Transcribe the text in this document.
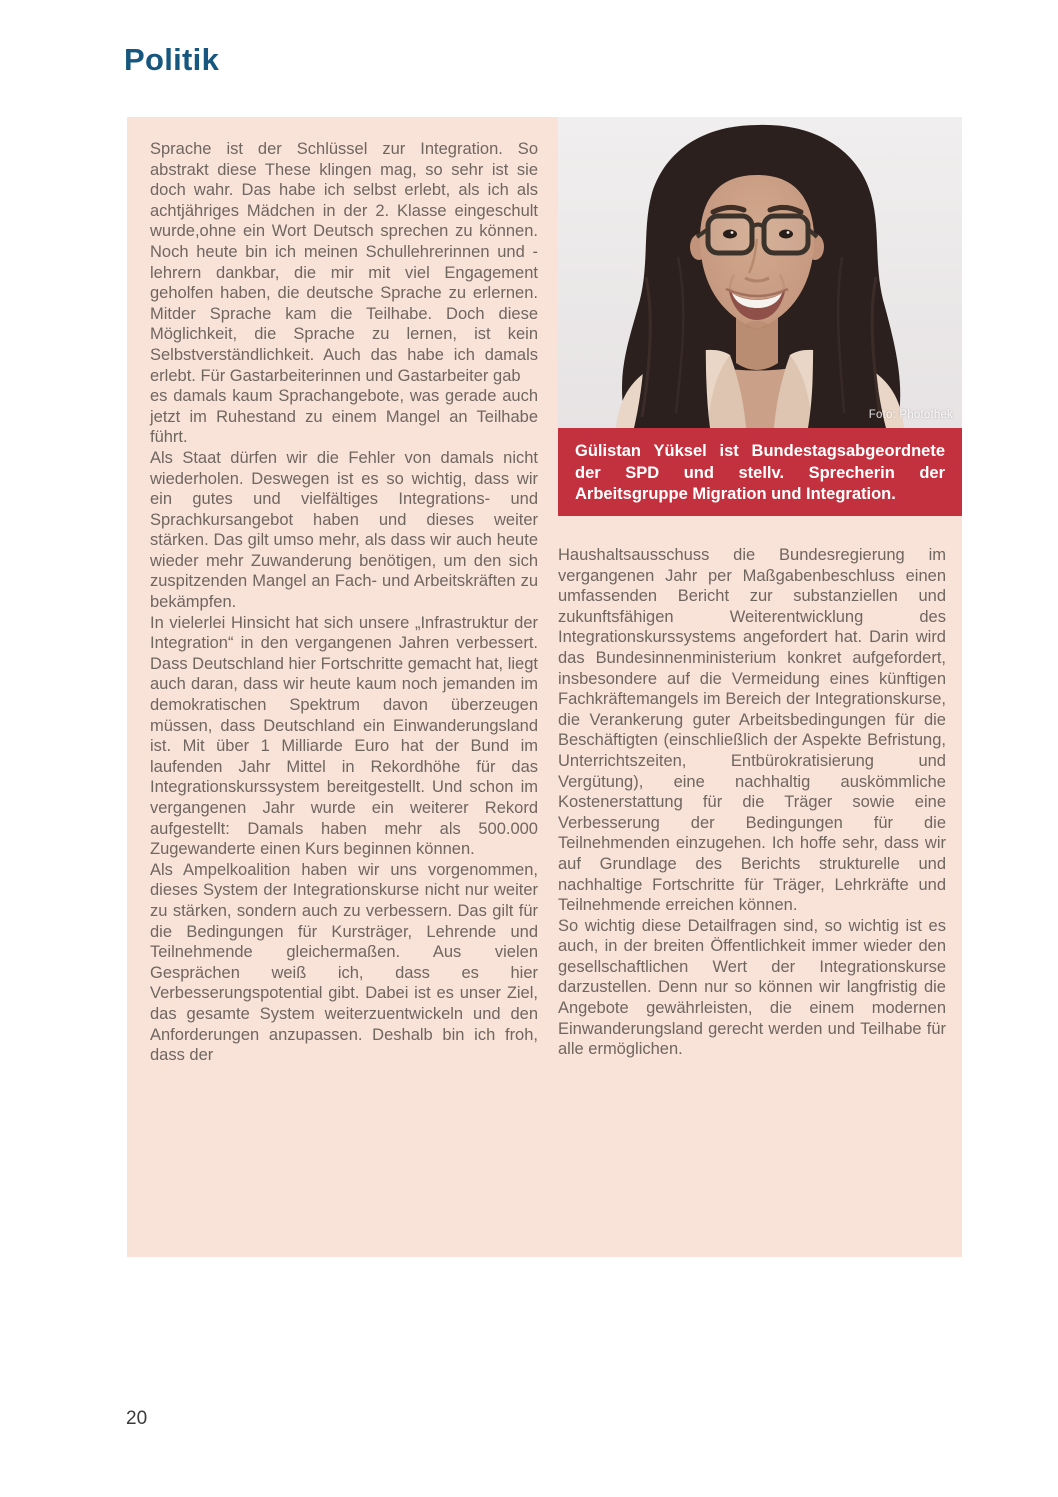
Politik

Sprache ist der Schlüssel zur Integration. So abstrakt diese These klingen mag, so sehr ist sie doch wahr. Das habe ich selbst erlebt, als ich als achtjähriges Mädchen in der 2. Klasse eingeschult wurde,ohne ein Wort Deutsch sprechen zu können. Noch heute bin ich meinen Schullehrerinnen und -lehrern dankbar, die mir mit viel Engagement geholfen haben, die deutsche Sprache zu erlernen. Mitder Sprache kam die Teilhabe. Doch diese Möglichkeit, die Sprache zu lernen, ist kein Selbstverständlichkeit. Auch das habe ich damals erlebt. Für Gastarbeiterinnen und Gastarbeiter gab

es damals kaum Sprachangebote, was gerade auch jetzt im Ruhestand zu einem Mangel an Teilhabe führt.

Als Staat dürfen wir die Fehler von damals nicht wiederholen. Deswegen ist es so wichtig, dass wir ein gutes und vielfältiges Integrations- und Sprachkursangebot haben und dieses weiter stärken. Das gilt umso mehr, als dass wir auch heute wieder mehr Zuwanderung benötigen, um den sich zuspitzenden Mangel an Fach- und Arbeitskräften zu bekämpfen.

In vielerlei Hinsicht hat sich unsere „Infrastruktur der Integration“ in den vergangenen Jahren verbessert. Dass Deutschland hier Fortschritte gemacht hat, liegt auch daran, dass wir heute kaum noch jemanden im demokratischen Spektrum davon überzeugen müssen, dass Deutschland ein Einwanderungsland ist. Mit über 1 Milliarde Euro hat der Bund im laufenden Jahr Mittel in Rekordhöhe für das Integrationskurssystem bereitgestellt. Und schon im vergangenen Jahr wurde ein weiterer Rekord aufgestellt: Damals haben mehr als 500.000 Zugewanderte einen Kurs beginnen können.

Als Ampelkoalition haben wir uns vorgenommen, dieses System der Integrationskurse nicht nur weiter zu stärken, sondern auch zu verbessern. Das gilt für die Bedingungen für Kursträger, Lehrende und Teilnehmende gleichermaßen. Aus vielen Gesprächen weiß ich, dass es hier Verbesserungspotential gibt. Dabei ist es unser Ziel, das gesamte System weiterzuentwickeln und den Anforderungen anzupassen. Deshalb bin ich froh, dass der

Foto: Photothek

Gülistan Yüksel ist Bundestagsabgeordnete der SPD und stellv. Sprecherin der Arbeitsgruppe Migration und Integration.

Haushaltsausschuss die Bundesregierung im vergangenen Jahr per Maßgabenbeschluss einen umfassenden Bericht zur substanziellen und zukunftsfähigen Weiterentwicklung des Integrationskurssystems angefordert hat. Darin wird das Bundesinnenministerium konkret aufgefordert, insbesondere auf die Vermeidung eines künftigen Fachkräftemangels im Bereich der Integrationskurse, die Verankerung guter Arbeitsbedingungen für die Beschäftigten (einschließlich der Aspekte Befristung, Unterrichtszeiten, Entbürokratisierung und Vergütung), eine nachhaltig auskömmliche Kostenerstattung für die Träger sowie eine Verbesserung der Bedingungen für die Teilnehmenden einzugehen. Ich hoffe sehr, dass wir auf Grundlage des Berichts strukturelle und nachhaltige Fortschritte für Träger, Lehrkräfte und Teilnehmende erreichen können.

So wichtig diese Detailfragen sind, so wichtig ist es auch, in der breiten Öffentlichkeit immer wieder den gesellschaftlichen Wert der Integrationskurse darzustellen. Denn nur so können wir langfristig die Angebote gewährleisten, die einem modernen Einwanderungsland gerecht werden und Teilhabe für alle ermöglichen.

20
